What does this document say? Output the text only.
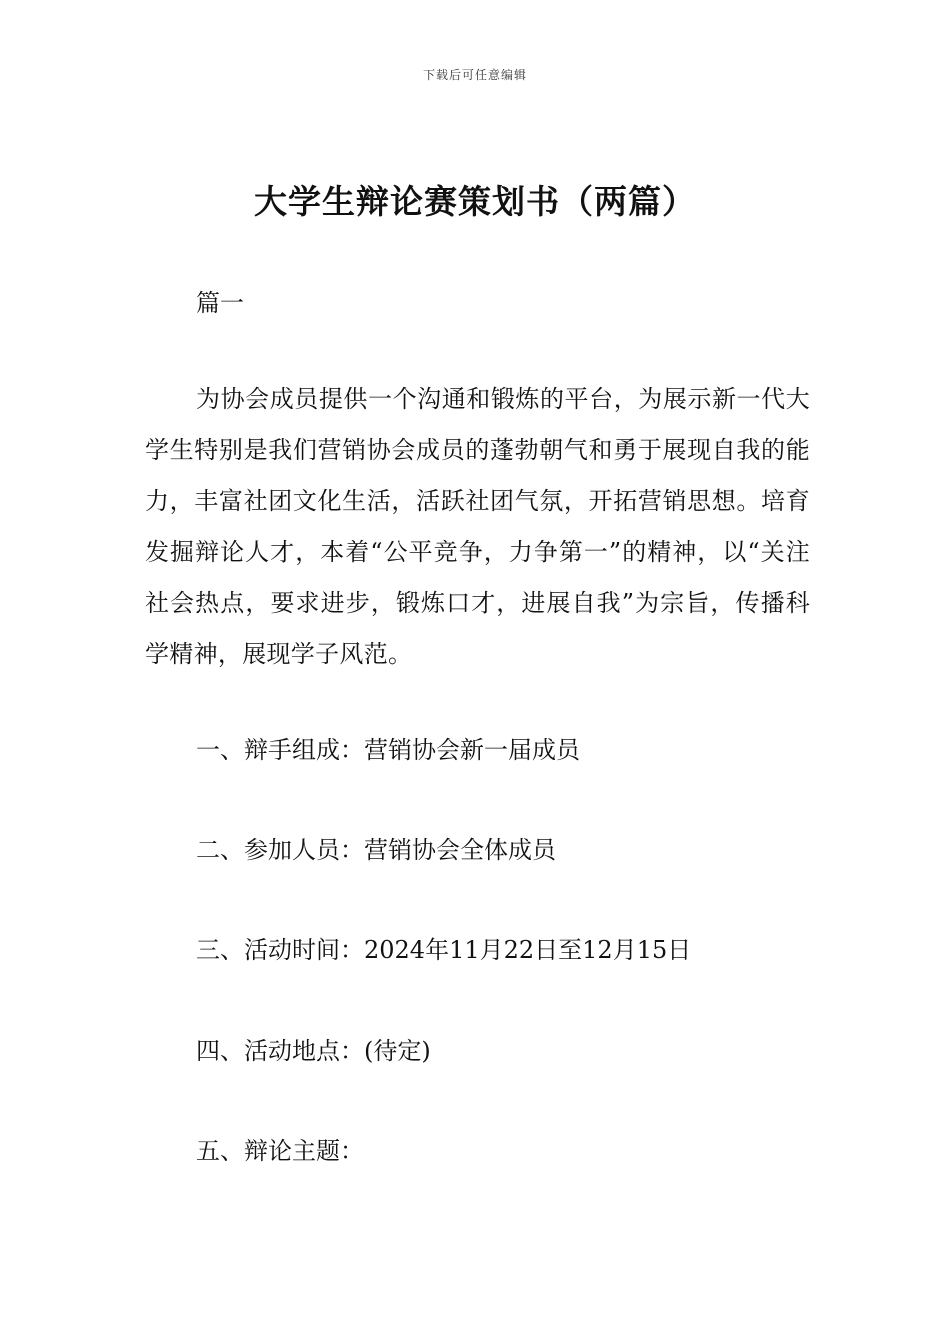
下载后可任意编辑
大学生辩论赛策划书（两篇）
篇一

为协会成员提供一个沟通和锻炼的平台，为展示新一代大学生特别是我们营销协会成员的蓬勃朝气和勇于展现自我的能力，丰富社团文化生活，活跃社团气氛，开拓营销思想。培育发掘辩论人才，本着“公平竞争，力争第一”的精神，以“关注社会热点，要求进步，锻炼口才，进展自我”为宗旨，传播科学精神，展现学子风范。

一、辩手组成：营销协会新一届成员
二、参加人员：营销协会全体成员
三、活动时间：2024年11月22日至12月15日
四、活动地点：(待定)
五、辩论主题：
